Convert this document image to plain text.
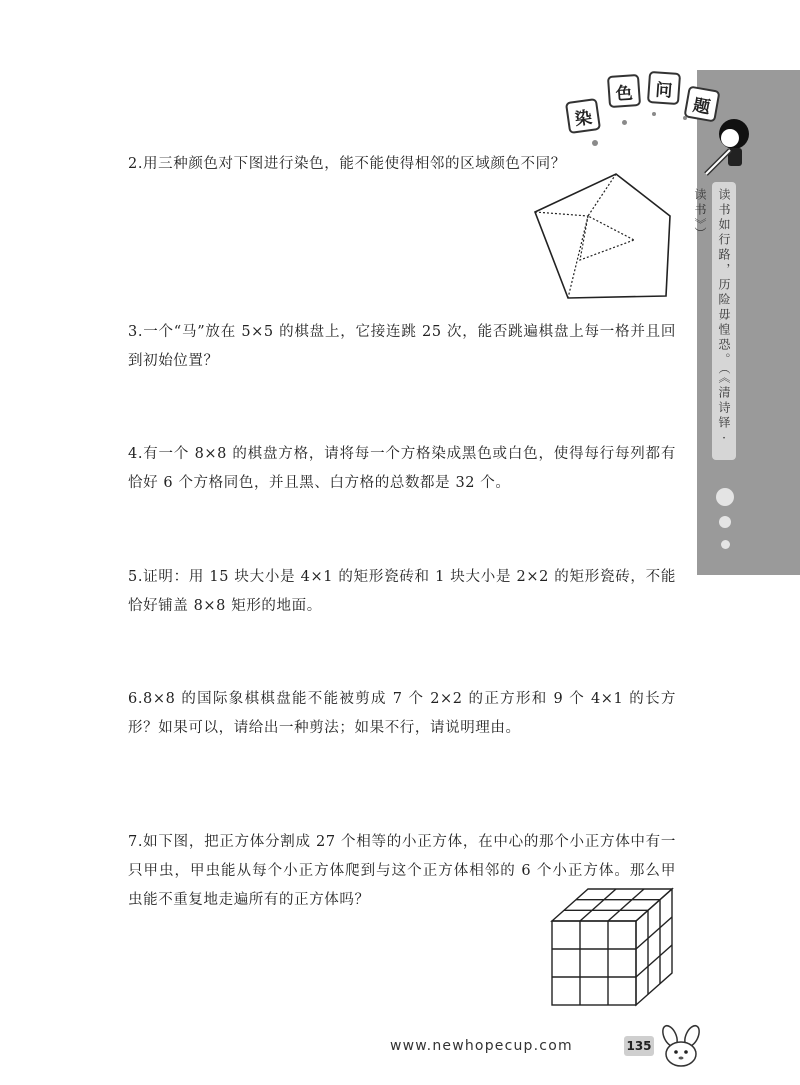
读书如行路，历险毋惶恐。（《清诗铎·读书》）
染
色	问
题
2.用三种颜色对下图进行染色，能不能使得相邻的区域颜色不同？
3.一个“马”放在 5×5 的棋盘上，它接连跳 25 次，能否跳遍棋盘上每一格并且回到初始位置？
4.有一个 8×8 的棋盘方格，请将每一个方格染成黑色或白色，使得每行每列都有恰好 6 个方格同色，并且黑、白方格的总数都是 32 个。
5.证明：用 15 块大小是 4×1 的矩形瓷砖和 1 块大小是 2×2 的矩形瓷砖，不能恰好铺盖 8×8 矩形的地面。
6.8×8 的国际象棋棋盘能不能被剪成 7 个 2×2 的正方形和 9 个 4×1 的长方形？如果可以，请给出一种剪法；如果不行，请说明理由。
7.如下图，把正方体分割成 27 个相等的小正方体，在中心的那个小正方体中有一只甲虫，甲虫能从每个小正方体爬到与这个正方体相邻的 6 个小正方体。那么甲虫能不重复地走遍所有的正方体吗？
www.newhopecup.com	135
